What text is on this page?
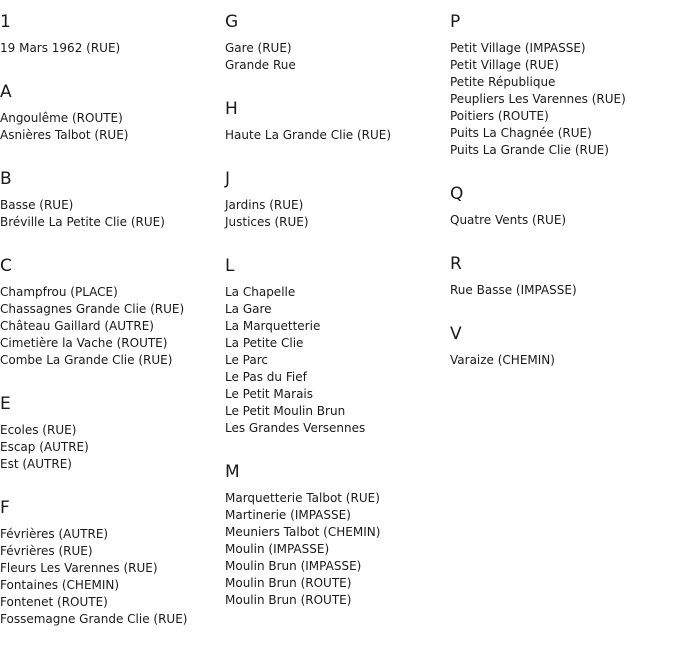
1
19 Mars 1962 (RUE)
A
Angoulême (ROUTE)
Asnières Talbot (RUE)
B
Basse (RUE)
Bréville La Petite Clie (RUE)
C
Champfrou (PLACE)
Chassagnes Grande Clie (RUE)
Château Gaillard (AUTRE)
Cimetière la Vache (ROUTE)
Combe La Grande Clie (RUE)
E
Ecoles (RUE)
Escap (AUTRE)
Est (AUTRE)
F
Févrières (AUTRE)
Févrières (RUE)
Fleurs Les Varennes (RUE)
Fontaines (CHEMIN)
Fontenet (ROUTE)
Fossemagne Grande Clie (RUE)
G
Gare (RUE)
Grande Rue
H
Haute La Grande Clie (RUE)
J
Jardins (RUE)
Justices (RUE)
L
La Chapelle
La Gare
La Marquetterie
La Petite Clie
Le Parc
Le Pas du Fief
Le Petit Marais
Le Petit Moulin Brun
Les Grandes Versennes
M
Marquetterie Talbot (RUE)
Martinerie (IMPASSE)
Meuniers Talbot (CHEMIN)
Moulin (IMPASSE)
Moulin Brun (IMPASSE)
Moulin Brun (ROUTE)
Moulin Brun (ROUTE)
P
Petit Village (IMPASSE)
Petit Village (RUE)
Petite République
Peupliers Les Varennes (RUE)
Poitiers (ROUTE)
Puits La Chagnée (RUE)
Puits La Grande Clie (RUE)
Q
Quatre Vents (RUE)
R
Rue Basse (IMPASSE)
V
Varaize (CHEMIN)
